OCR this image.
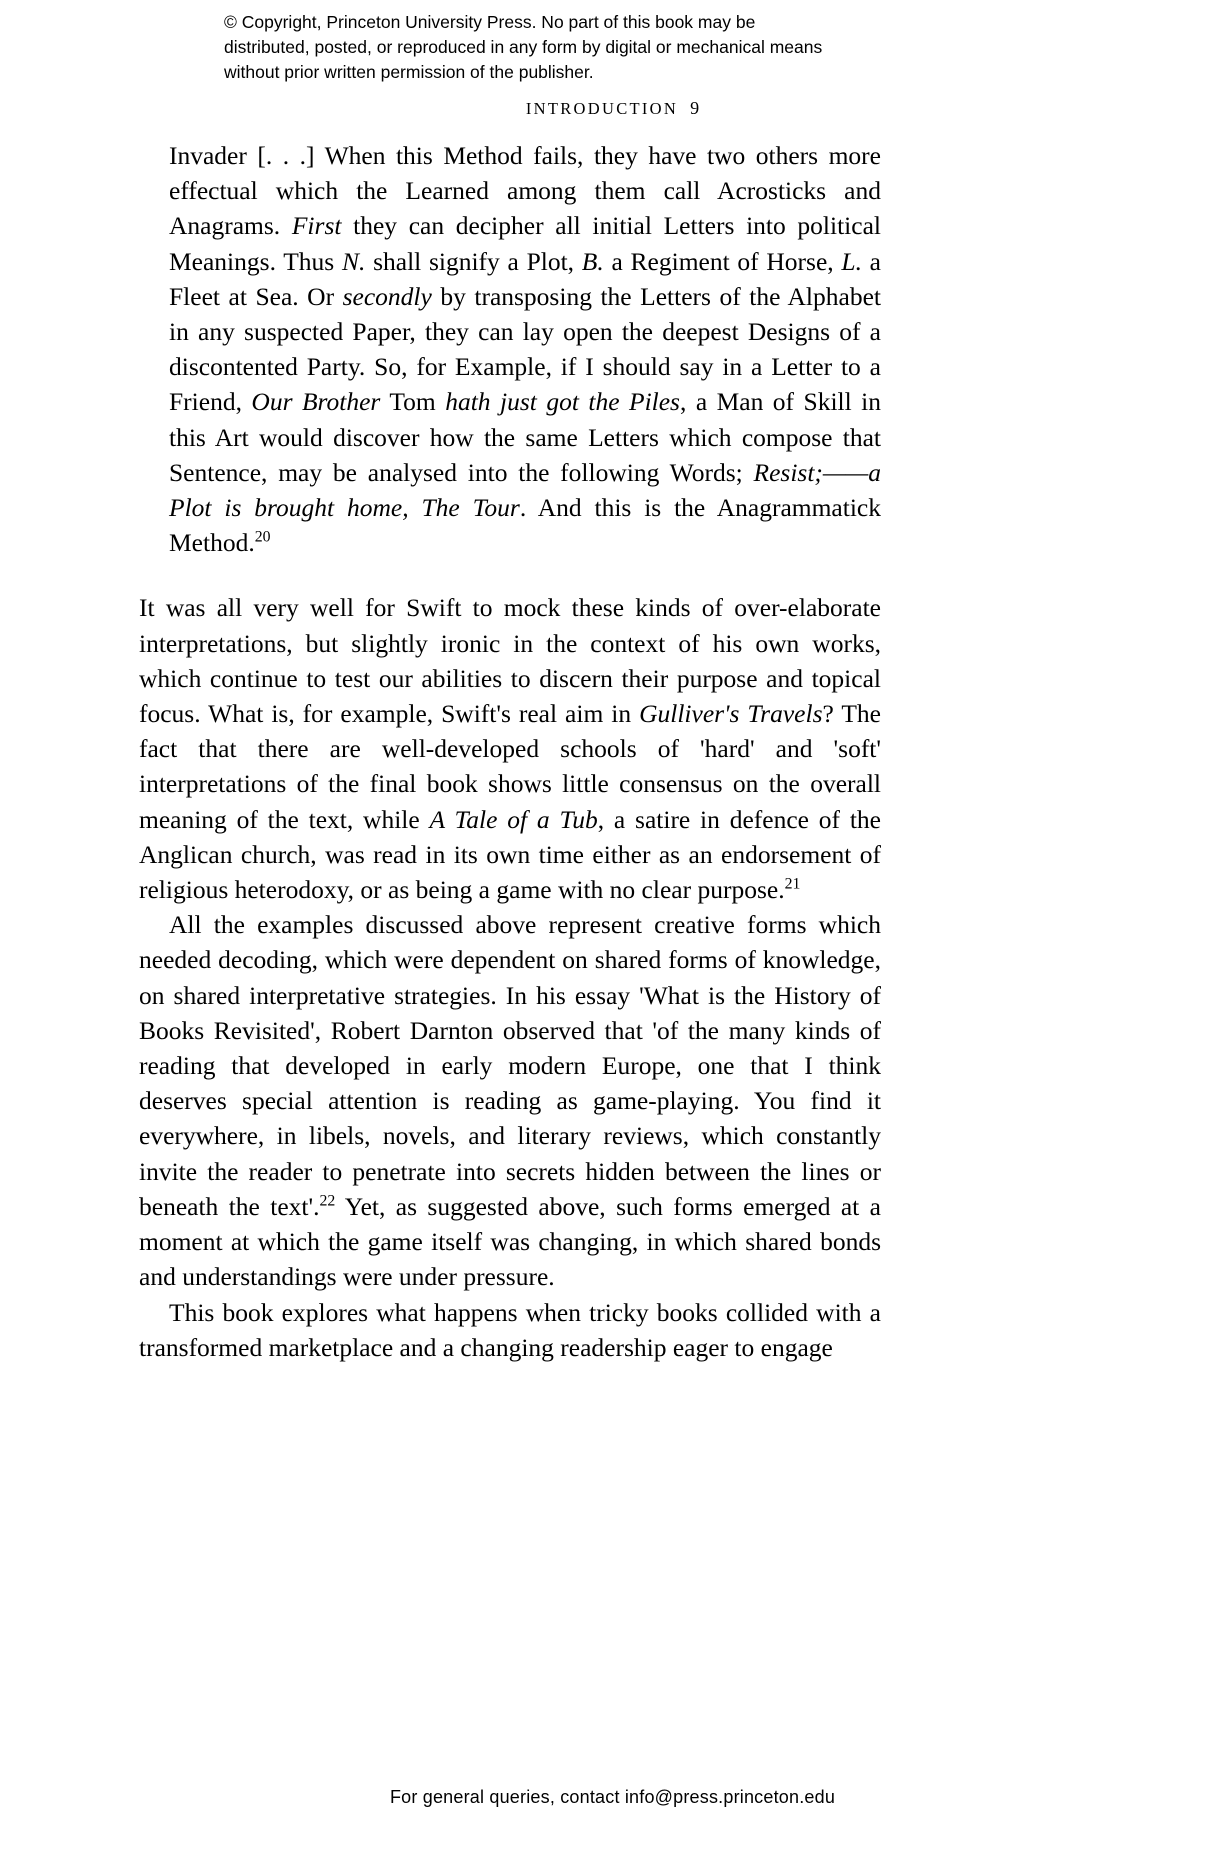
© Copyright, Princeton University Press. No part of this book may be distributed, posted, or reproduced in any form by digital or mechanical means without prior written permission of the publisher.
INTRODUCTION 9
Invader [. . .] When this Method fails, they have two others more effectual which the Learned among them call Acrosticks and Anagrams. First they can decipher all initial Letters into political Meanings. Thus N. shall signify a Plot, B. a Regiment of Horse, L. a Fleet at Sea. Or secondly by transposing the Letters of the Alphabet in any suspected Paper, they can lay open the deepest Designs of a discontented Party. So, for Example, if I should say in a Letter to a Friend, Our Brother Tom hath just got the Piles, a Man of Skill in this Art would discover how the same Letters which compose that Sentence, may be analysed into the following Words; Resist;——a Plot is brought home, The Tour. And this is the Anagrammatick Method.$^{20}$

It was all very well for Swift to mock these kinds of over-elaborate interpretations, but slightly ironic in the context of his own works, which continue to test our abilities to discern their purpose and topical focus. What is, for example, Swift's real aim in Gulliver's Travels? The fact that there are well-developed schools of 'hard' and 'soft' interpretations of the final book shows little consensus on the overall meaning of the text, while A Tale of a Tub, a satire in defence of the Anglican church, was read in its own time either as an endorsement of religious heterodoxy, or as being a game with no clear purpose.$^{21}$

All the examples discussed above represent creative forms which needed decoding, which were dependent on shared forms of knowledge, on shared interpretative strategies. In his essay 'What is the History of Books Revisited', Robert Darnton observed that 'of the many kinds of reading that developed in early modern Europe, one that I think deserves special attention is reading as game-playing. You find it everywhere, in libels, novels, and literary reviews, which constantly invite the reader to penetrate into secrets hidden between the lines or beneath the text'.$^{22}$ Yet, as suggested above, such forms emerged at a moment at which the game itself was changing, in which shared bonds and understandings were under pressure.

This book explores what happens when tricky books collided with a transformed marketplace and a changing readership eager to engage

For general queries, contact info@press.princeton.edu
